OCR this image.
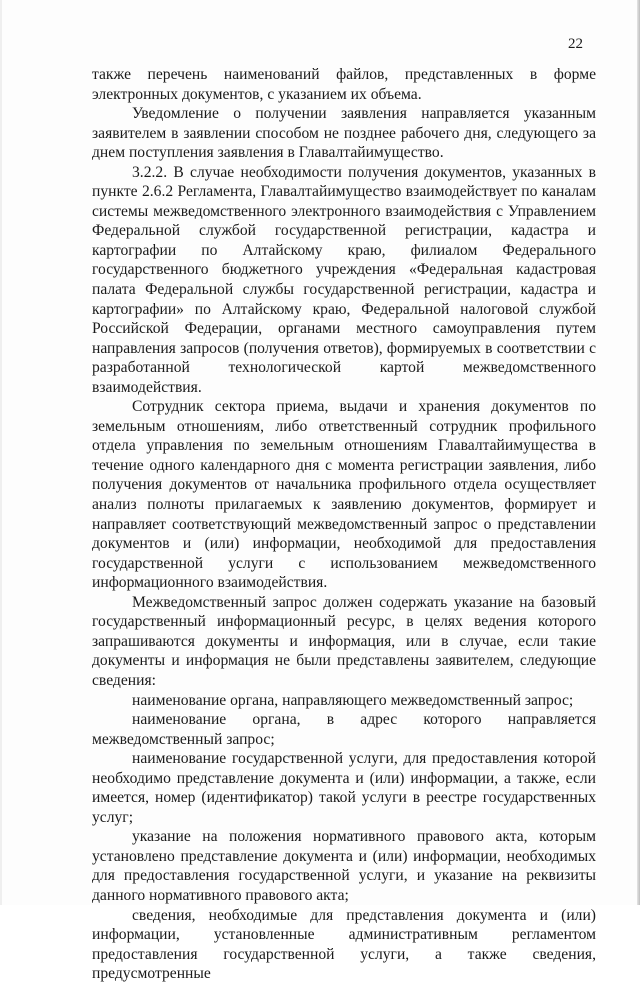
22

также перечень наименований файлов, представленных в форме электронных документов, с указанием их объема.

Уведомление о получении заявления направляется указанным заявителем в заявлении способом не позднее рабочего дня, следующего за днем поступления заявления в Главалтайимущество.

3.2.2. В случае необходимости получения документов, указанных в пункте 2.6.2 Регламента, Главалтайимущество взаимодействует по каналам системы межведомственного электронного взаимодействия с Управлением Федеральной службой государственной регистрации, кадастра и картографии по Алтайскому краю, филиалом Федерального государственного бюджетного учреждения «Федеральная кадастровая палата Федеральной службы государственной регистрации, кадастра и картографии» по Алтайскому краю, Федеральной налоговой службой Российской Федерации, органами местного самоуправления путем направления запросов (получения ответов), формируемых в соответствии с разработанной технологической картой межведомственного взаимодействия.

Сотрудник сектора приема, выдачи и хранения документов по земельным отношениям, либо ответственный сотрудник профильного отдела управления по земельным отношениям Главалтайимущества в течение одного календарного дня с момента регистрации заявления, либо получения документов от начальника профильного отдела осуществляет анализ полноты прилагаемых к заявлению документов, формирует и направляет соответствующий межведомственный запрос о представлении документов и (или) информации, необходимой для предоставления государственной услуги с использованием межведомственного информационного взаимодействия.

Межведомственный запрос должен содержать указание на базовый государственный информационный ресурс, в целях ведения которого запрашиваются документы и информация, или в случае, если такие документы и информация не были представлены заявителем, следующие сведения:

наименование органа, направляющего межведомственный запрос;

наименование органа, в адрес которого направляется межведомственный запрос;

наименование государственной услуги, для предоставления которой необходимо представление документа и (или) информации, а также, если имеется, номер (идентификатор) такой услуги в реестре государственных услуг;

указание на положения нормативного правового акта, которым установлено представление документа и (или) информации, необходимых для предоставления государственной услуги, и указание на реквизиты данного нормативного правового акта;

сведения, необходимые для представления документа и (или) информации, установленные административным регламентом предоставления государственной услуги, а также сведения, предусмотренные
